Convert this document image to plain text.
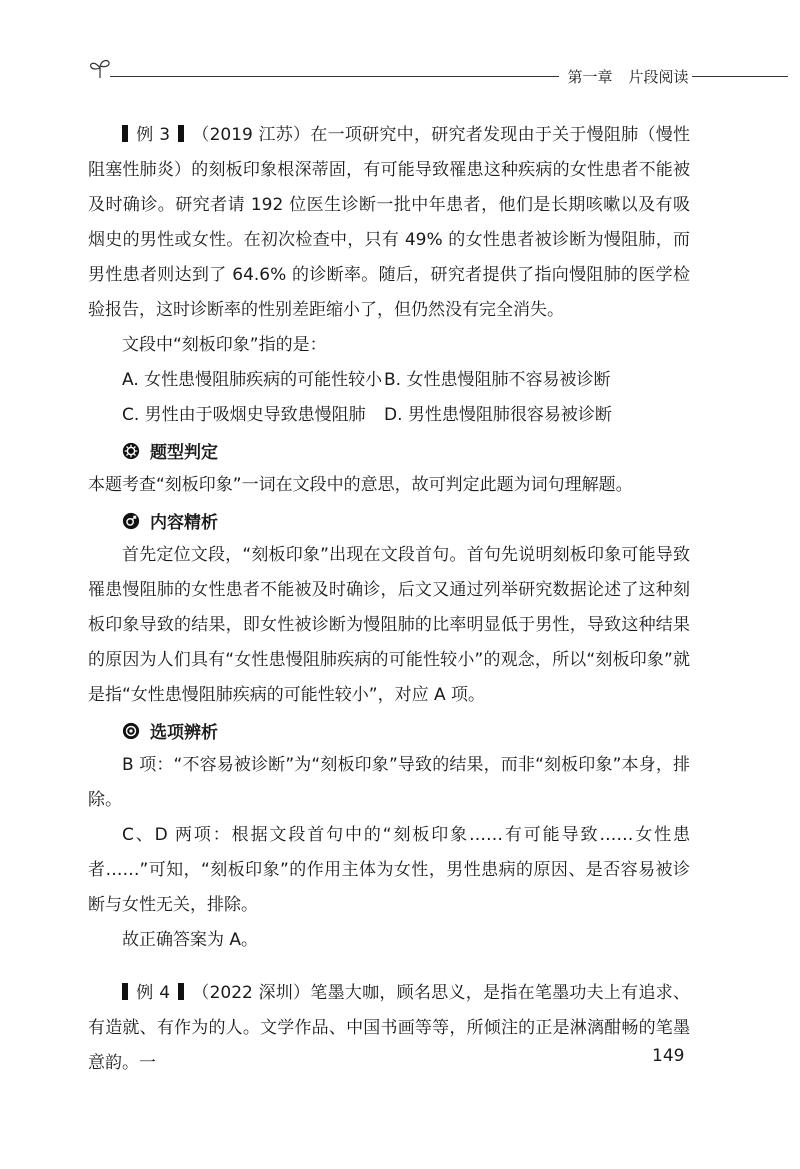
第一章 片段阅读

例 3 （2019 江苏）在一项研究中，研究者发现由于关于慢阻肺（慢性阻塞性肺炎）的刻板印象根深蒂固，有可能导致罹患这种疾病的女性患者不能被及时确诊。研究者请 192 位医生诊断一批中年患者，他们是长期咳嗽以及有吸烟史的男性或女性。在初次检查中，只有 49% 的女性患者被诊断为慢阻肺，而男性患者则达到了 64.6% 的诊断率。随后，研究者提供了指向慢阻肺的医学检验报告，这时诊断率的性别差距缩小了，但仍然没有完全消失。

文段中“刻板印象”指的是：

A. 女性患慢阻肺疾病的可能性较小 B. 女性患慢阻肺不容易被诊断
C. 男性由于吸烟史导致患慢阻肺	D. 男性患慢阻肺很容易被诊断
题型判定

本题考查“刻板印象”一词在文段中的意思，故可判定此题为词句理解题。

内容精析

首先定位文段，“刻板印象”出现在文段首句。首句先说明刻板印象可能导致罹患慢阻肺的女性患者不能被及时确诊，后文又通过列举研究数据论述了这种刻板印象导致的结果，即女性被诊断为慢阻肺的比率明显低于男性，导致这种结果的原因为人们具有“女性患慢阻肺疾病的可能性较小”的观念，所以“刻板印象”就是指“女性患慢阻肺疾病的可能性较小”，对应 A 项。

选项辨析

B 项：“不容易被诊断”为“刻板印象”导致的结果，而非“刻板印象”本身，排除。

C、D 两项：根据文段首句中的“刻板印象……有可能导致……女性患者……”可知，“刻板印象”的作用主体为女性，男性患病的原因、是否容易被诊断与女性无关，排除。

故正确答案为 A。

例 4 （2022 深圳）笔墨大咖，顾名思义，是指在笔墨功夫上有追求、有造就、有作为的人。文学作品、中国书画等等，所倾注的正是淋漓酣畅的笔墨意韵。一	149
